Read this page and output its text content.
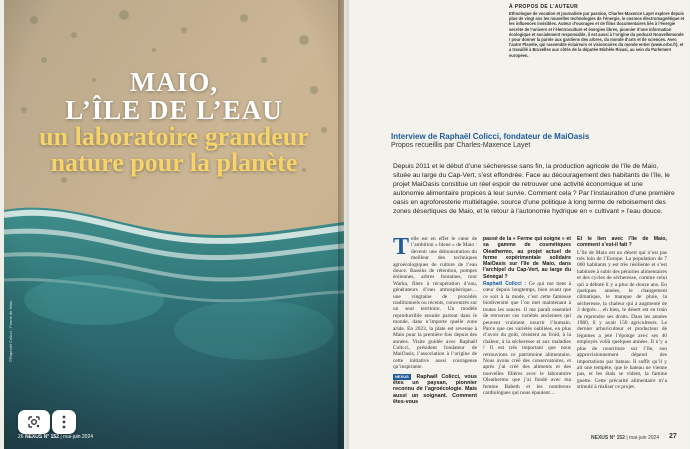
MAIO,
L’ÎLE DE L’EAU
un laboratoire grandeur
nature pour la planète
©Raphaël Colicci - Ferme de Maio
26 NEXUS N° 152 | mai-juin 2024
À PROPOS DE L’AUTEUR
Ethnologue de vocation et journaliste par passion, Charles-Maxence Layet explore depuis plus de vingt ans les nouvelles technologies de l’énergie, le cosmos électromagnétique et les influences invisibles. Auteur d’ouvrages et de films documentaires liés à l’énergie secrète de l’univers et l’électroculture et énergies libres, pionnier d’une information écologique et socialement responsable, il est aussi à l’origine du podcast Nouvellemonde ! pour donner la parole aux gardiens des arbres, du monde d’arts et de sciences. Avec l’autre Planète, qui rassemble éclaireurs et visionnaires du monde entier (www.orbs.fr), et a travaillé à Bruxelles aux côtés de la députée Michèle Rivasi, au sein du Parlement européen.
Interview de Raphaël Colicci, fondateur de MaiOasis
Propos recueillis par Charles-Maxence Layet
Depuis 2011 et le début d’une sécheresse sans fin, la production agricole de l’île de Maio, située au large du Cap-Vert, s’est effondrée. Face au découragement des habitants de l’île, le projet MaiOasis constitue un réel espoir de retrouver une activité économique et une autonomie alimentaire propices à leur survie. Comment cela ? Par l’instauration d’une première oasis en agroforesterie multiétagée, source d’une politique à long terme de reboisement des zones désertiques de Maio, et le retour à l’autonomie hydrique en « cultivant » l’eau douce.
T elle est en effet le cœur de l’ambition « bleue » de Maio : devenir une démonstration du meilleur des techniques agroécologiques de culture de l’eau douce. Bassins de rétention, pompes éoliennes, arbres fontaines, tour Warka, filets à récupération d’eau, générateurs d’eau atmosphérique… une vingtaine de procédés traditionnels ou récents, concentrés sur un seul territoire. Un modèle reproductible ensuite partout dans le monde, dans n’importe quelle zone aride. En 2023, la plate est revenue à Maio pour la première fois depuis des années. Visite guidée avec Raphaël Colicci, président fondateur de MaiOasis, l’association à l’origine de cette initiative aussi courageuse qu’inspirante.
NEXUS Raphaël Colicci, vous êtes un paysan, pionnier reconnu de l’agroécologie. Mais aussi un soignant. Comment êtes-vous
passé de la « Ferme qui soigne » et sa gamme de cosmétiques Oleathermo, au projet actuel de ferme expérimentale solidaire MaiOasis sur l’île de Maio, dans l’archipel du Cap-Vert, au large du Sénégal ?
Raphaël Colicci : Ce qui me tient à cœur depuis longtemps, bien avant que ce soit à la mode, c’est cette fameuse biodiversité que l’on met maintenant à toutes les sauces. Il me paraît essentiel de retrouver ces variétés anciennes qui peuvent vraiment nourrir l’humain. Parce que ces variétés oubliées, en plus d’avoir du goût, résistent au froid, à la chaleur, à la sécheresse et aux maladies ! Il est très important que nous retrouvions ce patrimoine alimentaire. Nous avons créé des conservatoires, et après j’ai créé des aliments et des nouvelles filières avec le laboratoire Oleathermo que j’ai fondé avec ma femme Babeth et les nombreux cardiologues qui nous épaulent…
Et le lien avec l’île de Maio, comment s’est-il fait ?
L’île de Maio est un désert qui n’est pas très loin de l’Europe. La population de 7 000 habitants y est très résiliente et s’est habituée à subir des pénuries alimentaires et des cycles de sécheresse, comme celui qui a débuté il y a plus de douze ans. En quelques années, le changement climatique, le manque de pluie, la sécheresse, la chaleur qui a augmenté de 3 degrés… eh bien, le désert est en train de reprendre ses droits. Dans les années 1980, il y avait 150 agriculteurs. Le dernier arboriculteur et producteur de légumes a jeté l’éponge avec ses 40 employés voilà quelques années. Il n’y a plus de nourriture sur l’île, son approvisionnement dépend des importations par bateau. Il suffit qu’il y ait une tempête, que le bateau ne vienne pas, et les étals se vident, la famine guette. Cette précarité alimentaire m’a stimulé à réaliser ce projet.
NEXUS N° 152 | mai-juin 2024 27
